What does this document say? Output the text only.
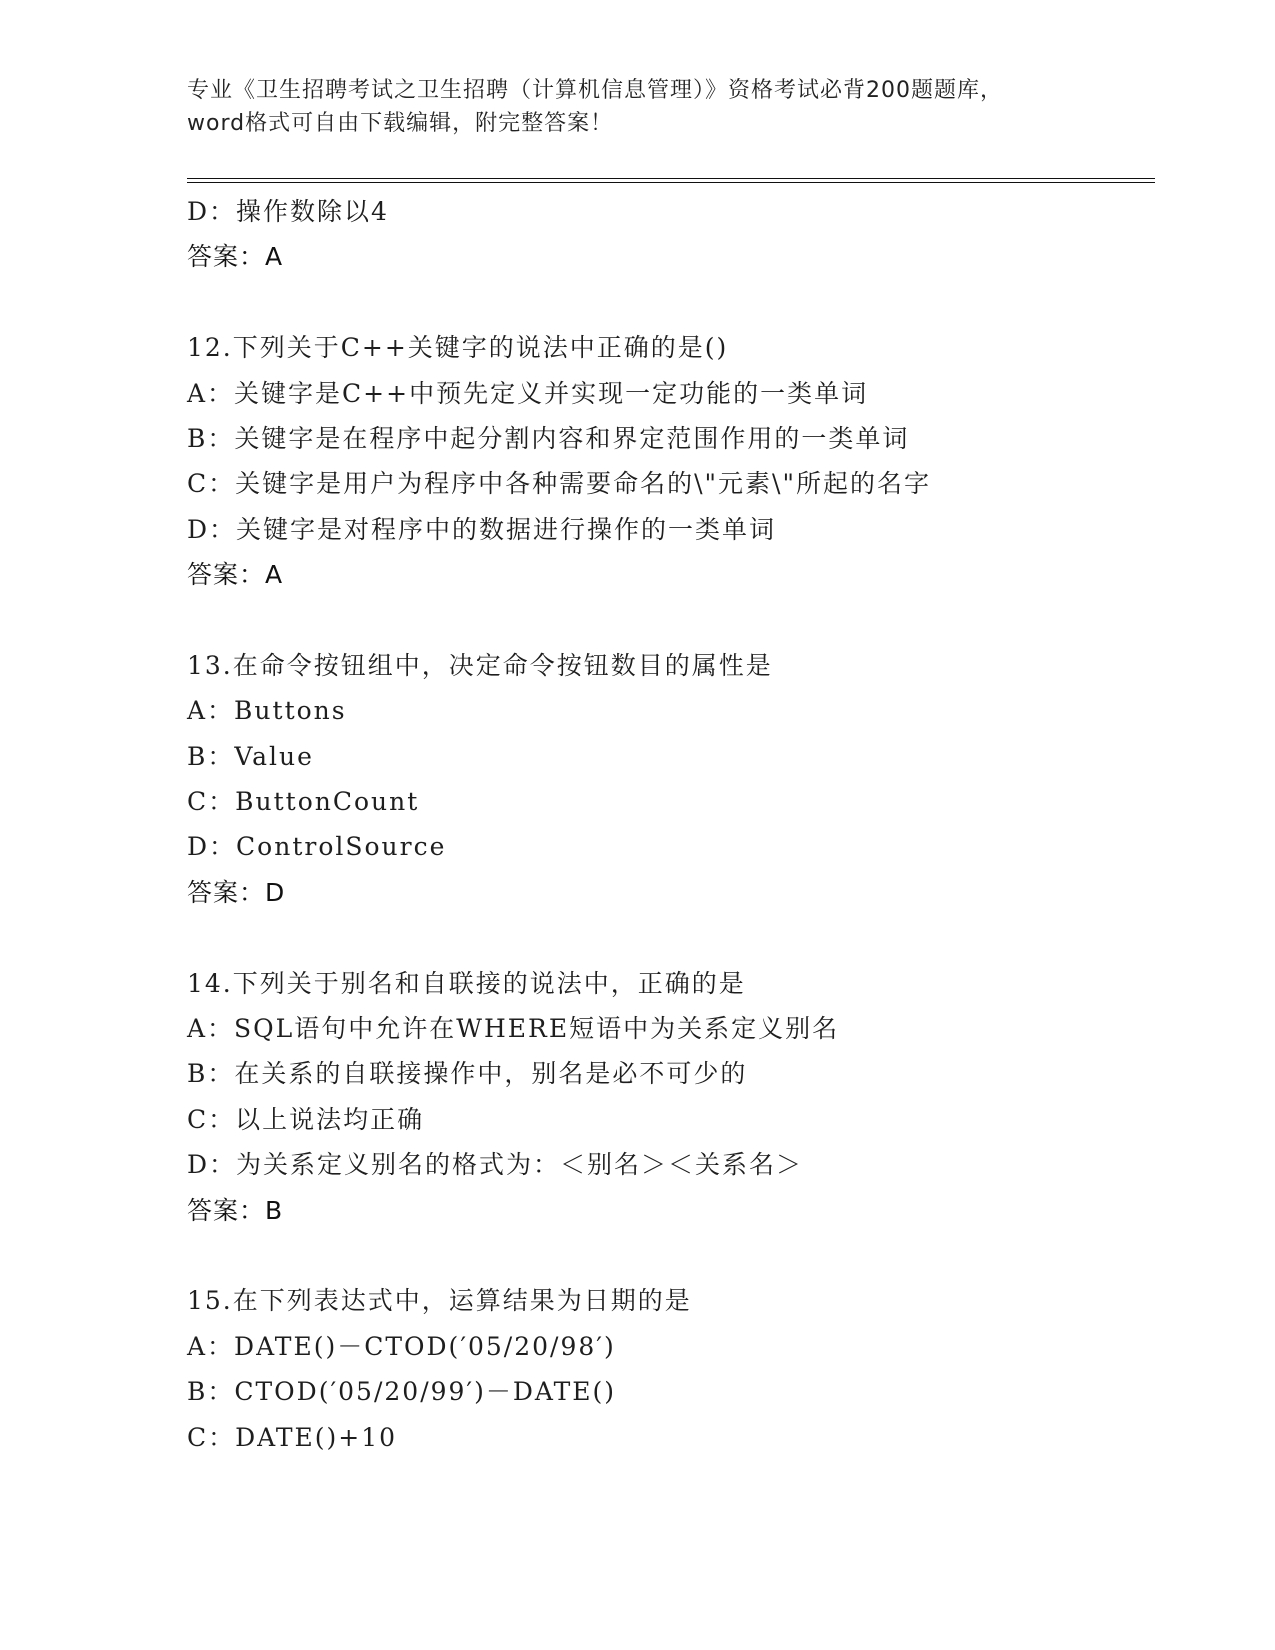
专业《卫生招聘考试之卫生招聘（计算机信息管理）》资格考试必背200题题库，
word格式可自由下载编辑，附完整答案！
D：操作数除以4
答案：A
12.下列关于C++关键字的说法中正确的是()
A：关键字是C++中预先定义并实现一定功能的一类单词
B：关键字是在程序中起分割内容和界定范围作用的一类单词
C：关键字是用户为程序中各种需要命名的\"元素\"所起的名字
D：关键字是对程序中的数据进行操作的一类单词
答案：A
13.在命令按钮组中，决定命令按钮数目的属性是
A：Buttons
B：Value
C：ButtonCount
D：ControlSource
答案：D
14.下列关于别名和自联接的说法中，正确的是
A：SQL语句中允许在WHERE短语中为关系定义别名
B：在关系的自联接操作中，别名是必不可少的
C：以上说法均正确
D：为关系定义别名的格式为：＜别名＞＜关系名＞
答案：B
15.在下列表达式中，运算结果为日期的是
A：DATE()－CTOD(′05/20/98′)
B：CTOD(′05/20/99′)－DATE()
C：DATE()+10
